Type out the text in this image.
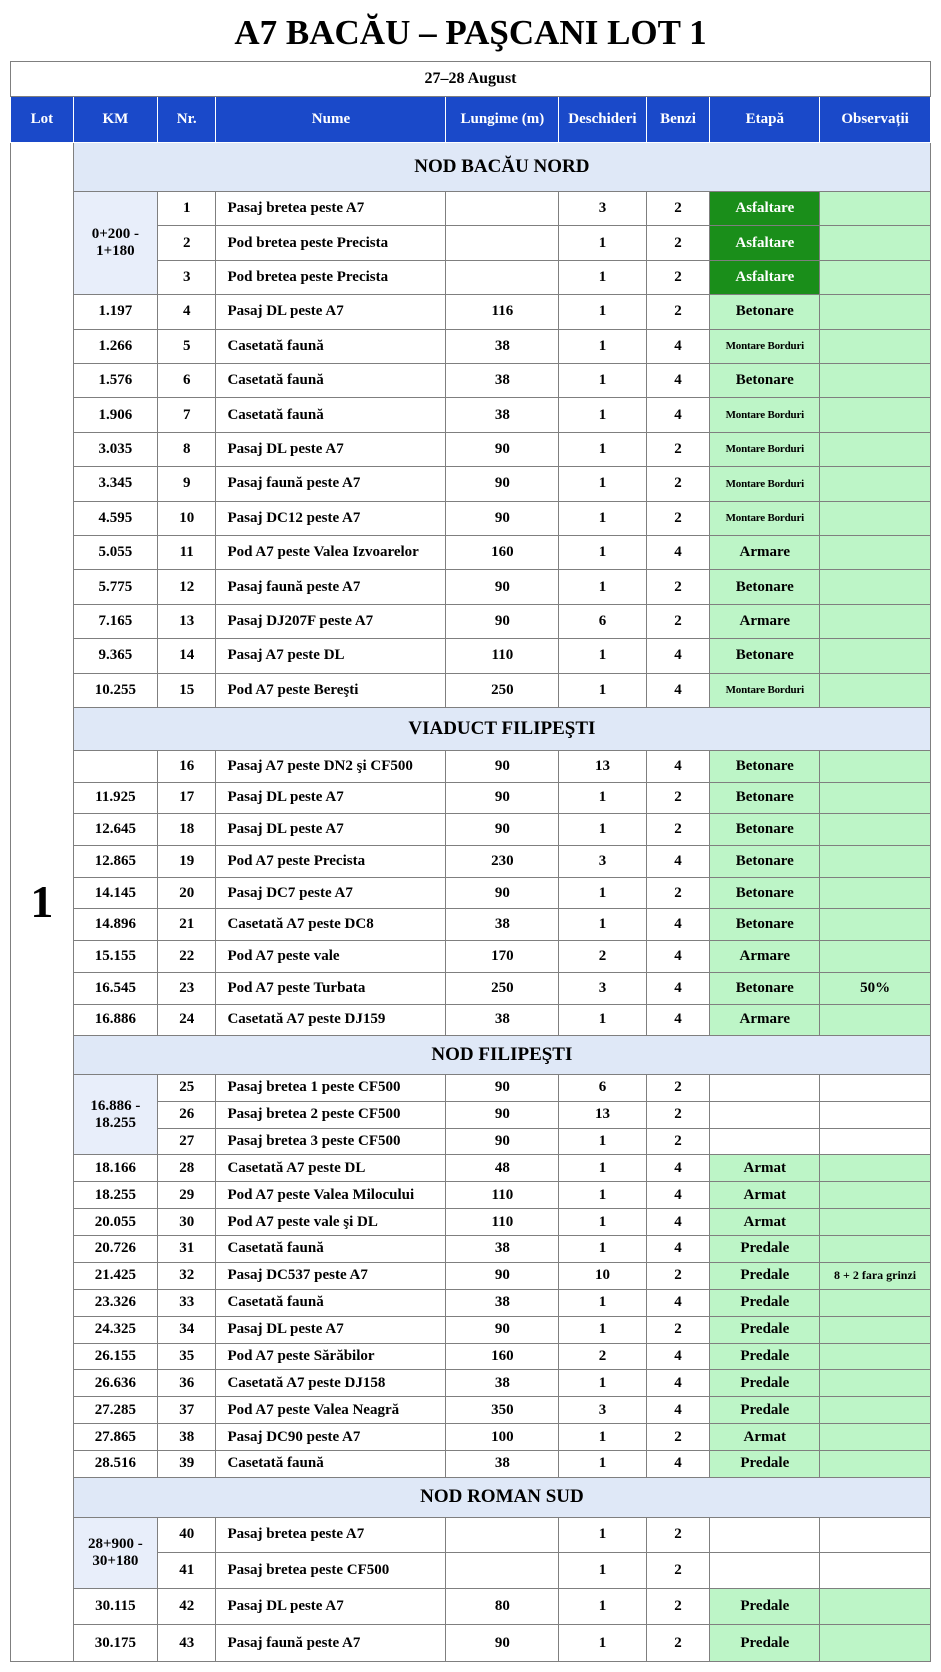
A7 BACĂU – PAŞCANI LOT 1
27–28 August								
Lot	KM	Nr.	Nume	Lungime (m)	Deschideri	Benzi	Etapă	Observații
1	NOD BACĂU NORD							
	0+200 -
1+180	1	Pasaj bretea peste A7		3	2	Asfaltare	
		2	Pod bretea peste Precista		1	2	Asfaltare	
		3	Pod bretea peste Precista		1	2	Asfaltare	
	1.197	4	Pasaj DL peste A7	116	1	2	Betonare	
	1.266	5	Casetată faună	38	1	4	Montare Borduri	
	1.576	6	Casetată faună	38	1	4	Betonare	
	1.906	7	Casetată faună	38	1	4	Montare Borduri	
	3.035	8	Pasaj DL peste A7	90	1	2	Montare Borduri	
	3.345	9	Pasaj faună peste A7	90	1	2	Montare Borduri	
	4.595	10	Pasaj DC12 peste A7	90	1	2	Montare Borduri	
	5.055	11	Pod A7 peste Valea Izvoarelor	160	1	4	Armare	
	5.775	12	Pasaj faună peste A7	90	1	2	Betonare	
	7.165	13	Pasaj DJ207F peste A7	90	6	2	Armare	
	9.365	14	Pasaj A7 peste DL	110	1	4	Betonare	
	10.255	15	Pod A7 peste Bereşti	250	1	4	Montare Borduri	
	VIADUCT FILIPEŞTI							
		16	Pasaj A7 peste DN2 şi CF500	90	13	4	Betonare	
	11.925	17	Pasaj DL peste A7	90	1	2	Betonare	
	12.645	18	Pasaj DL peste A7	90	1	2	Betonare	
	12.865	19	Pod A7 peste Precista	230	3	4	Betonare	
	14.145	20	Pasaj DC7 peste A7	90	1	2	Betonare	
	14.896	21	Casetată A7 peste DC8	38	1	4	Betonare	
	15.155	22	Pod A7 peste vale	170	2	4	Armare	
	16.545	23	Pod A7 peste Turbata	250	3	4	Betonare	50%
	16.886	24	Casetată A7 peste DJ159	38	1	4	Armare	
	NOD FILIPEŞTI							
	16.886 -
18.255	25	Pasaj bretea 1 peste CF500	90	6	2		
		26	Pasaj bretea 2 peste CF500	90	13	2		
		27	Pasaj bretea 3 peste CF500	90	1	2		
	18.166	28	Casetată A7 peste DL	48	1	4	Armat	
	18.255	29	Pod A7 peste Valea Milocului	110	1	4	Armat	
	20.055	30	Pod A7 peste vale şi DL	110	1	4	Armat	
	20.726	31	Casetată faună	38	1	4	Predale	
	21.425	32	Pasaj DC537 peste A7	90	10	2	Predale	8 + 2 fara grinzi
	23.326	33	Casetată faună	38	1	4	Predale	
	24.325	34	Pasaj DL peste A7	90	1	2	Predale	
	26.155	35	Pod A7 peste Sărăbilor	160	2	4	Predale	
	26.636	36	Casetată A7 peste DJ158	38	1	4	Predale	
	27.285	37	Pod A7 peste Valea Neagră	350	3	4	Predale	
	27.865	38	Pasaj DC90 peste A7	100	1	2	Armat	
	28.516	39	Casetată faună	38	1	4	Predale	
	NOD ROMAN SUD							
	28+900 -
30+180	40	Pasaj bretea peste A7		1	2		
		41	Pasaj bretea peste CF500		1	2		
	30.115	42	Pasaj DL peste A7	80	1	2	Predale	
	30.175	43	Pasaj faună peste A7	90	1	2	Predale	
